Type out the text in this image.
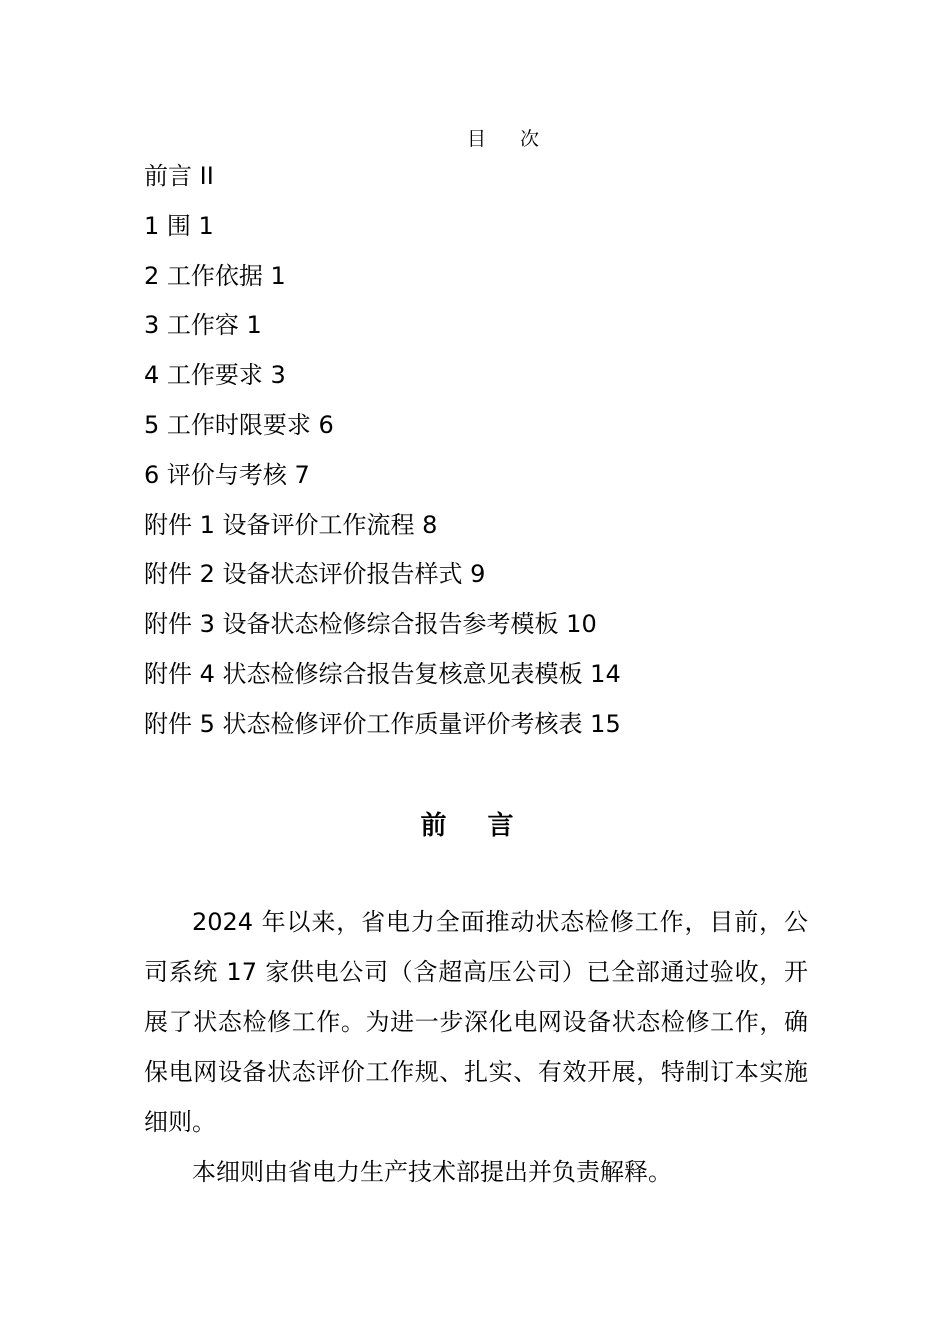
目 次
前言 II
1 围 1
2 工作依据 1
3 工作容 1
4 工作要求 3
5 工作时限要求 6
6 评价与考核 7
附件 1 设备评价工作流程 8
附件 2 设备状态评价报告样式 9
附件 3 设备状态检修综合报告参考模板 10
附件 4 状态检修综合报告复核意见表模板 14
附件 5 状态检修评价工作质量评价考核表 15
前 言

2024 年以来，省电力全面推动状态检修工作，目前，公司系统 17 家供电公司（含超高压公司）已全部通过验收，开展了状态检修工作。为进一步深化电网设备状态检修工作，确保电网设备状态评价工作规、扎实、有效开展，特制订本实施细则。

本细则由省电力生产技术部提出并负责解释。
